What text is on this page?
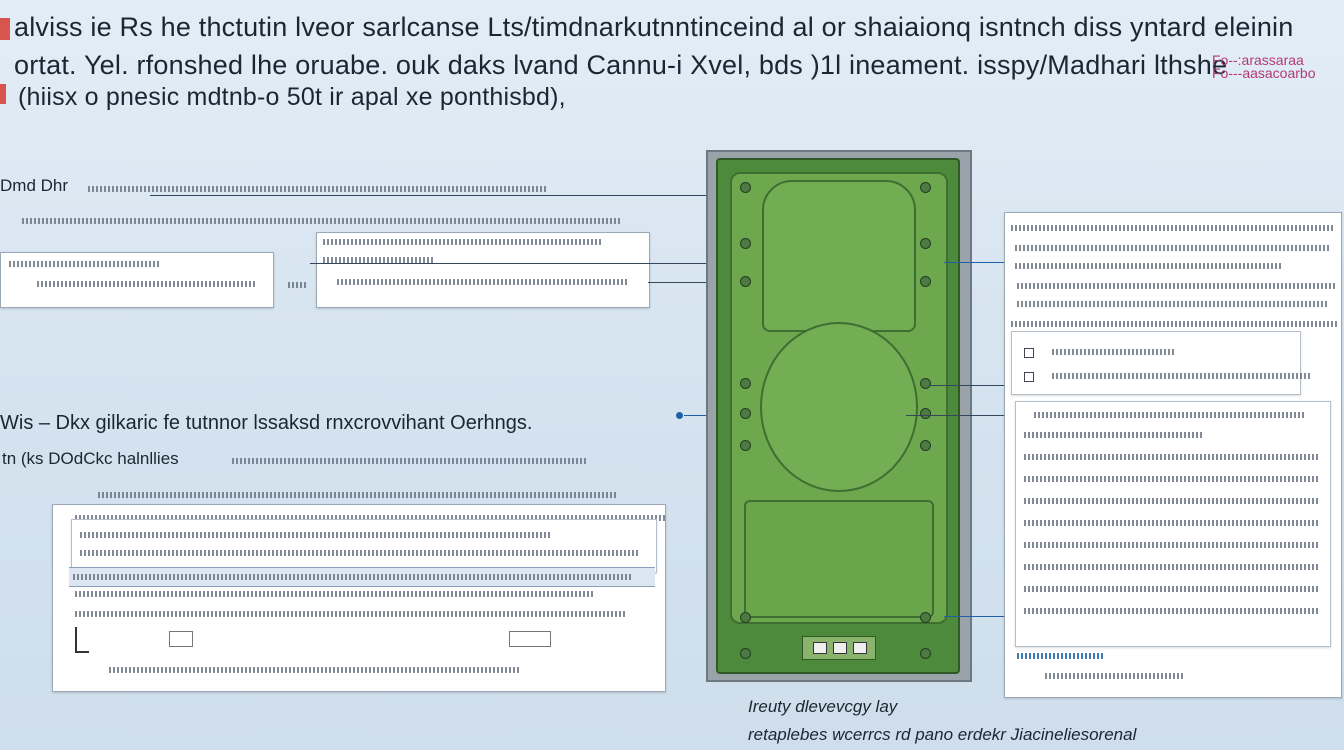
alviss ie Rs he thctutin lveor sarlcanse Lts/timdnarkutnntinceind al or shaiaionq isntnch diss yntard eleinin
ortat. Yel. rfonshed lhe oruabe. ouk daks lvand Cannu-i Xvel, bds )1l ineament. isspy/Madhari lthshe
(hiisx o pnesic mdtnb-o 50t ir apal xe ponthisbd),
Fo--:arassaraa
Fo---aasacoarbo
Dmd Dhr
Wis – Dkx gilkaric fe tutnnor lssaksd rnxcrovvihant Oerhngs.
tn (ks DOdCkc halnllies
Ireuty dlevevcgy lay
retaplebes wcerrcs rd pano erdekr Jiacineliesorenal
